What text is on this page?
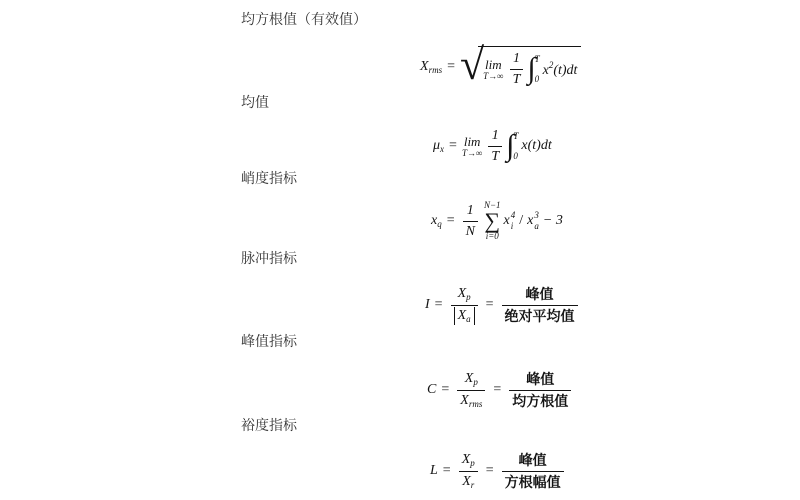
均方根值（有效值）
均值
峭度指标
脉冲指标
峰值指标
裕度指标
$X_{rms}$ = √ lim
$T\to\infty \frac{1}{T}$ ∫ T
0
$x^2(t)dt$
$\mu_x = \lim$
$T\to\infty \frac{1}{T}$ ∫ T
0
x(t)dt
$x_q = \frac{1}{N} N-1$
∑
i=0
x 4
i / x 3
a − 3
$I = \frac{X_p}{X_a} = \frac{\text{峰值}}{\text{绝对平均值}}$
$C = \frac{X_p}{X_{rms}} = \frac{\text{峰值}}{\text{均方根值}}$
$L = \frac{X_p}{X_r} = \frac{\text{峰值}}{\text{方根幅值}}$
